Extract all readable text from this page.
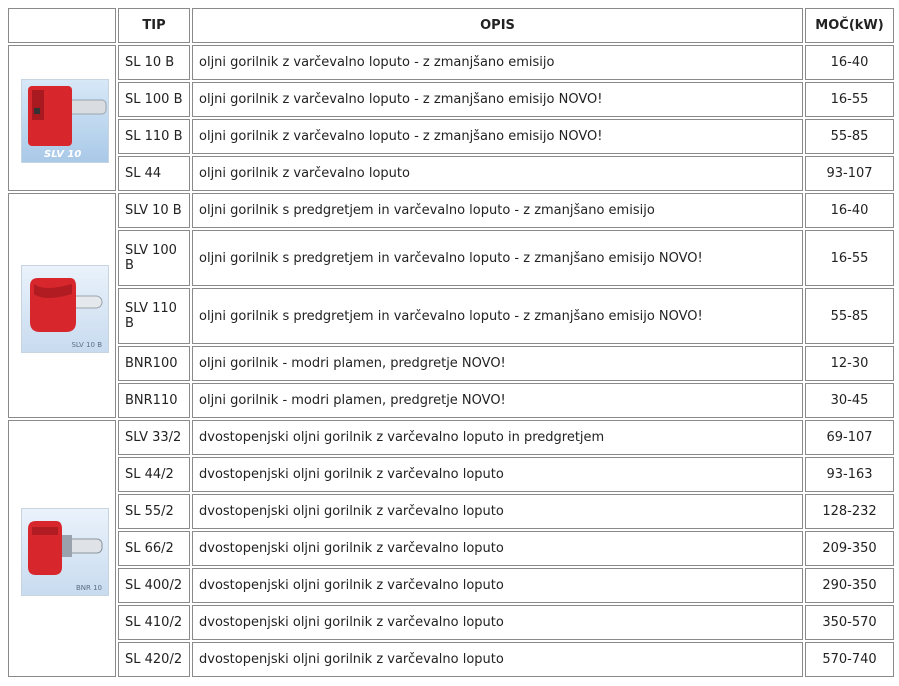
	TIP	OPIS	MOČ(kW)

SLV 10	SL 10 B	oljni gorilnik z varčevalno loputo - z zmanjšano emisijo	16-40
	SL 100 B	oljni gorilnik z varčevalno loputo - z zmanjšano emisijo NOVO!	16-55
	SL 110 B	oljni gorilnik z varčevalno loputo - z zmanjšano emisijo NOVO!	55-85
	SL 44	oljni gorilnik z varčevalno loputo	93-107

SLV 10 B	SLV 10 B	oljni gorilnik s predgretjem in varčevalno loputo - z zmanjšano emisijo	16-40
	SLV 100 B	oljni gorilnik s predgretjem in varčevalno loputo - z zmanjšano emisijo NOVO!	16-55
	SLV 110 B	oljni gorilnik s predgretjem in varčevalno loputo - z zmanjšano emisijo NOVO!	55-85
	BNR100	oljni gorilnik - modri plamen, predgretje NOVO!	12-30
	BNR110	oljni gorilnik - modri plamen, predgretje NOVO!	30-45

BNR 10	SLV 33/2	dvostopenjski oljni gorilnik z varčevalno loputo in predgretjem	69-107
	SL 44/2	dvostopenjski oljni gorilnik z varčevalno loputo	93-163
	SL 55/2	dvostopenjski oljni gorilnik z varčevalno loputo	128-232
	SL 66/2	dvostopenjski oljni gorilnik z varčevalno loputo	209-350
	SL 400/2	dvostopenjski oljni gorilnik z varčevalno loputo	290-350
	SL 410/2	dvostopenjski oljni gorilnik z varčevalno loputo	350-570
	SL 420/2	dvostopenjski oljni gorilnik z varčevalno loputo	570-740
